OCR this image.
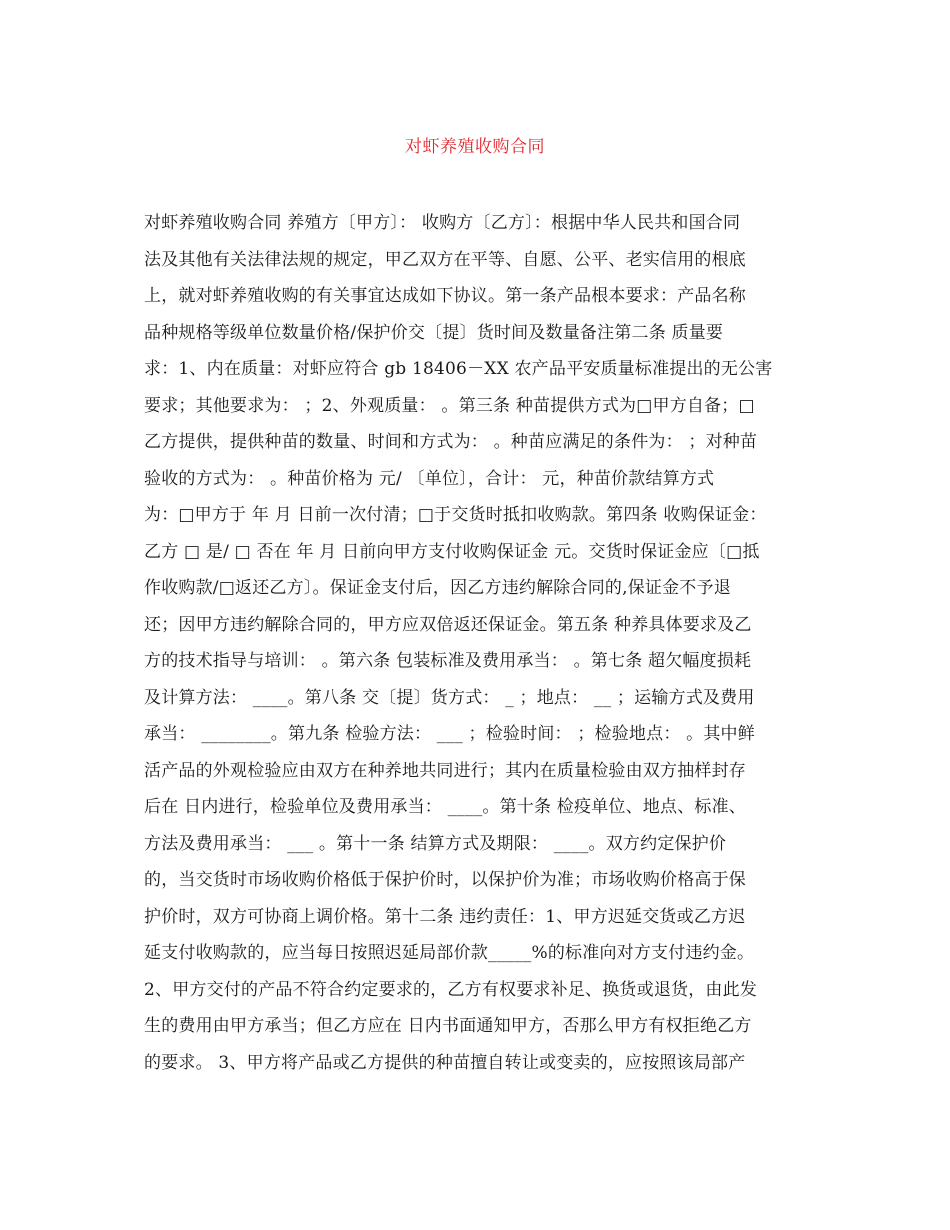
对虾养殖收购合同
对虾养殖收购合同 养殖方〔甲方〕： 收购方〔乙方〕：根据中华人民共和国合同
法及其他有关法律法规的规定，甲乙双方在平等、自愿、公平、老实信用的根底
上，就对虾养殖收购的有关事宜达成如下协议。第一条产品根本要求：产品名称
品种规格等级单位数量价格/保护价交〔提〕货时间及数量备注第二条 质量要
求：1、内在质量：对虾应符合 gb 18406－XX 农产品平安质量标准提出的无公害
要求；其他要求为： ；2、外观质量： 。第三条 种苗提供方式为□甲方自备；□
乙方提供，提供种苗的数量、时间和方式为： 。种苗应满足的条件为： ；对种苗
验收的方式为： 。种苗价格为 元/ 〔单位〕，合计： 元，种苗价款结算方式
为：□甲方于 年 月 日前一次付清；□于交货时抵扣收购款。第四条 收购保证金：
乙方 □ 是/ □ 否在 年 月 日前向甲方支付收购保证金 元。交货时保证金应〔□抵
作收购款/□返还乙方〕。保证金支付后，因乙方违约解除合同的,保证金不予退
还；因甲方违约解除合同的，甲方应双倍返还保证金。第五条 种养具体要求及乙
方的技术指导与培训： 。第六条 包装标准及费用承当： 。第七条 超欠幅度损耗
及计算方法： ____。第八条 交〔提〕货方式： _ ；地点： __ ；运输方式及费用
承当： ________。第九条 检验方法： ___ ；检验时间： ；检验地点： 。其中鲜
活产品的外观检验应由双方在种养地共同进行；其内在质量检验由双方抽样封存
后在 日内进行，检验单位及费用承当： ____。第十条 检疫单位、地点、标准、
方法及费用承当： ___ 。第十一条 结算方式及期限： ____。双方约定保护价
的，当交货时市场收购价格低于保护价时，以保护价为准；市场收购价格高于保
护价时，双方可协商上调价格。第十二条 违约责任：1、甲方迟延交货或乙方迟
延支付收购款的，应当每日按照迟延局部价款_____%的标准向对方支付违约金。
2、甲方交付的产品不符合约定要求的，乙方有权要求补足、换货或退货，由此发
生的费用由甲方承当；但乙方应在 日内书面通知甲方，否那么甲方有权拒绝乙方
的要求。 3、甲方将产品或乙方提供的种苗擅自转让或变卖的，应按照该局部产
